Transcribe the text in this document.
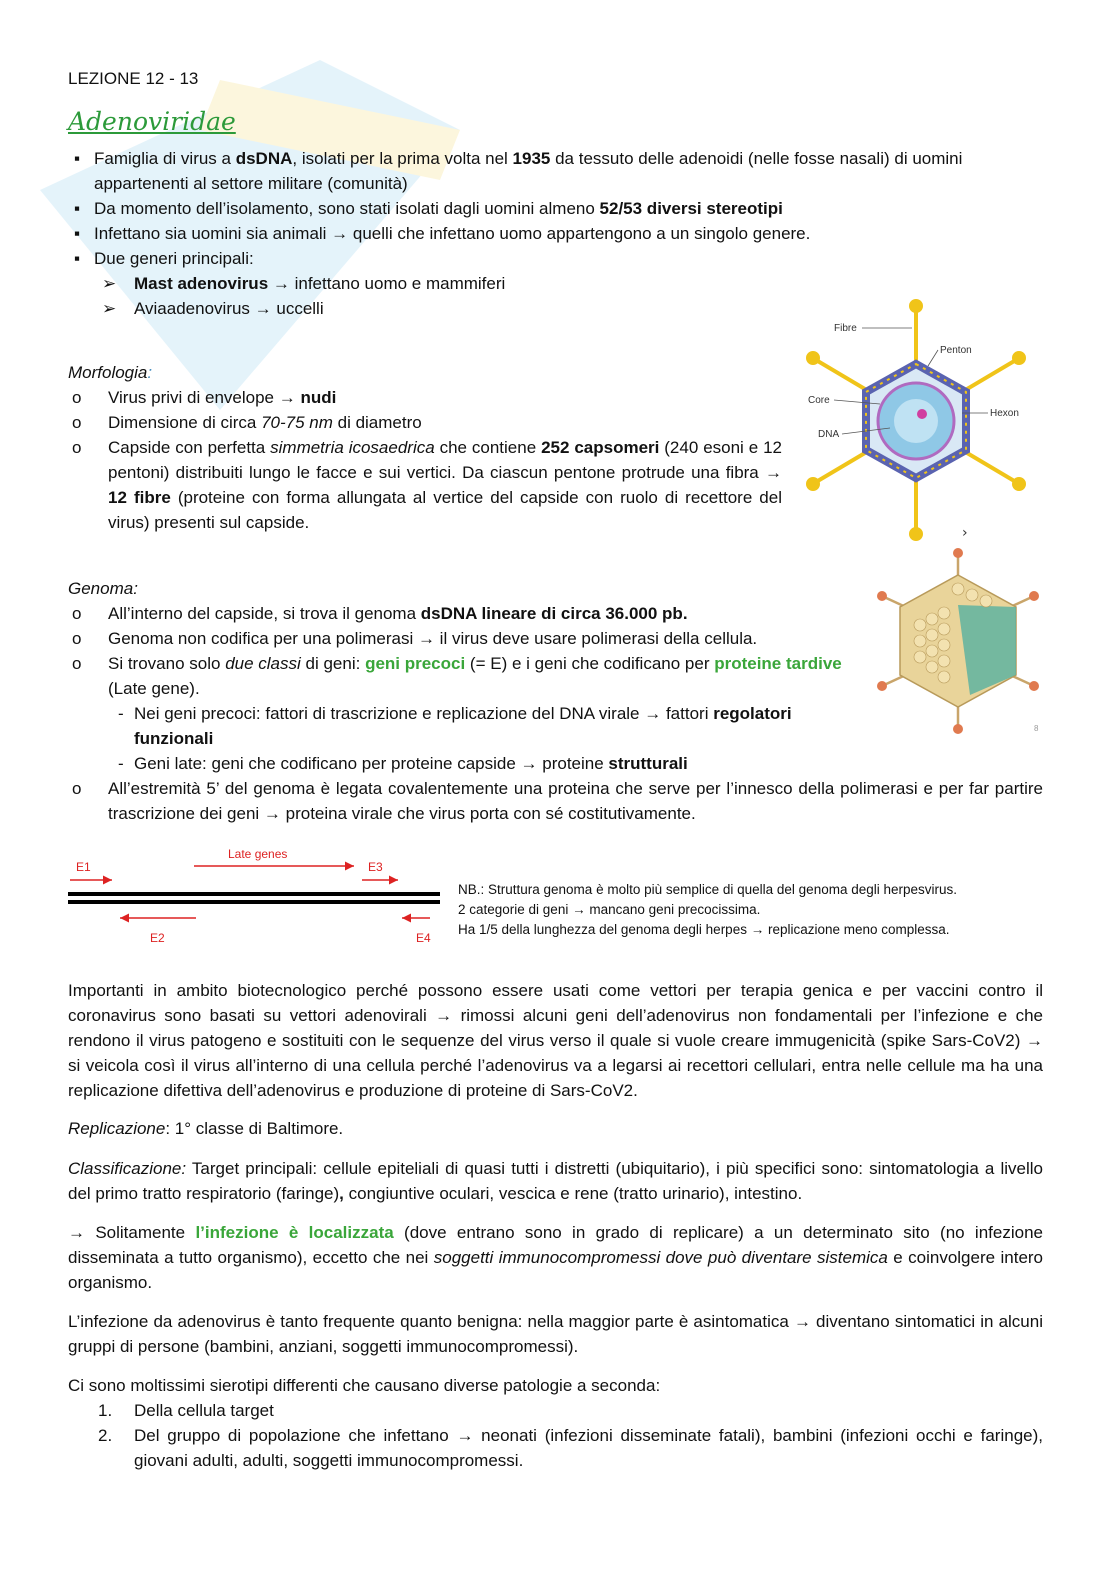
LEZIONE 12 - 13
Adenoviridae
▪ Famiglia di virus a dsDNA, isolati per la prima volta nel 1935 da tessuto delle adenoidi (nelle fosse nasali) di uomini appartenenti al settore militare (comunità)
▪ Da momento dell’isolamento, sono stati isolati dagli uomini almeno 52/53 diversi stereotipi
▪ Infettano sia uomini sia animali → quelli che infettano uomo appartengono a un singolo genere.
▪ Due generi principali:
➢ Mast adenovirus → infettano uomo e mammiferi
➢ Aviaadenovirus → uccelli
Morfologia:
o Virus privi di envelope → nudi
o Dimensione di circa 70-75 nm di diametro
o Capside con perfetta simmetria icosaedrica che contiene 252 capsomeri (240 esoni e 12 pentoni) distribuiti lungo le facce e sui vertici. Da ciascun pentone protrude una fibra → 12 fibre (proteine con forma allungata al vertice del capside con ruolo di recettore del virus) presenti sul capside.
Fibre
Penton
Core
DNA
Hexon
›
Genoma:
o All’interno del capside, si trova il genoma dsDNA lineare di circa 36.000 pb.
o Genoma non codifica per una polimerasi → il virus deve usare polimerasi della cellula.
o Si trovano solo due classi di geni: geni precoci (= E) e i geni che codificano per proteine tardive (Late gene).
- Nei geni precoci: fattori di trascrizione e replicazione del DNA virale → fattori regolatori funzionali
- Geni late: geni che codificano per proteine capside → proteine strutturali
o All’estremità 5’ del genoma è legata covalentemente una proteina che serve per l’innesco della polimerasi e per far partire trascrizione dei geni → proteina virale che virus porta con sé costitutivamente.
8
E1
Late genes
E3
E2	E4
NB.: Struttura genoma è molto più semplice di quella del genoma degli herpesvirus.
2 categorie di geni → mancano geni precocissima.
Ha 1/5 della lunghezza del genoma degli herpes → replicazione meno complessa.
Importanti in ambito biotecnologico perché possono essere usati come vettori per terapia genica e per vaccini contro il coronavirus sono basati su vettori adenovirali → rimossi alcuni geni dell’adenovirus non fondamentali per l’infezione e che rendono il virus patogeno e sostituiti con le sequenze del virus verso il quale si vuole creare immugenicità (spike Sars-CoV2) → si veicola così il virus all’interno di una cellula perché l’adenovirus va a legarsi ai recettori cellulari, entra nelle cellule ma ha una replicazione difettiva dell’adenovirus e produzione di proteine di Sars-CoV2.
Replicazione: 1° classe di Baltimore.
Classificazione: Target principali: cellule epiteliali di quasi tutti i distretti (ubiquitario), i più specifici sono: sintomatologia a livello del primo tratto respiratorio (faringe), congiuntive oculari, vescica e rene (tratto urinario), intestino.
→ Solitamente l’infezione è localizzata (dove entrano sono in grado di replicare) a un determinato sito (no infezione disseminata a tutto organismo), eccetto che nei soggetti immunocompromessi dove può diventare sistemica e coinvolgere intero organismo.
L’infezione da adenovirus è tanto frequente quanto benigna: nella maggior parte è asintomatica → diventano sintomatici in alcuni gruppi di persone (bambini, anziani, soggetti immunocompromessi).
Ci sono moltissimi sierotipi differenti che causano diverse patologie a seconda:
1. Della cellula target
2. Del gruppo di popolazione che infettano → neonati (infezioni disseminate fatali), bambini (infezioni occhi e faringe), giovani adulti, adulti, soggetti immunocompromessi.
